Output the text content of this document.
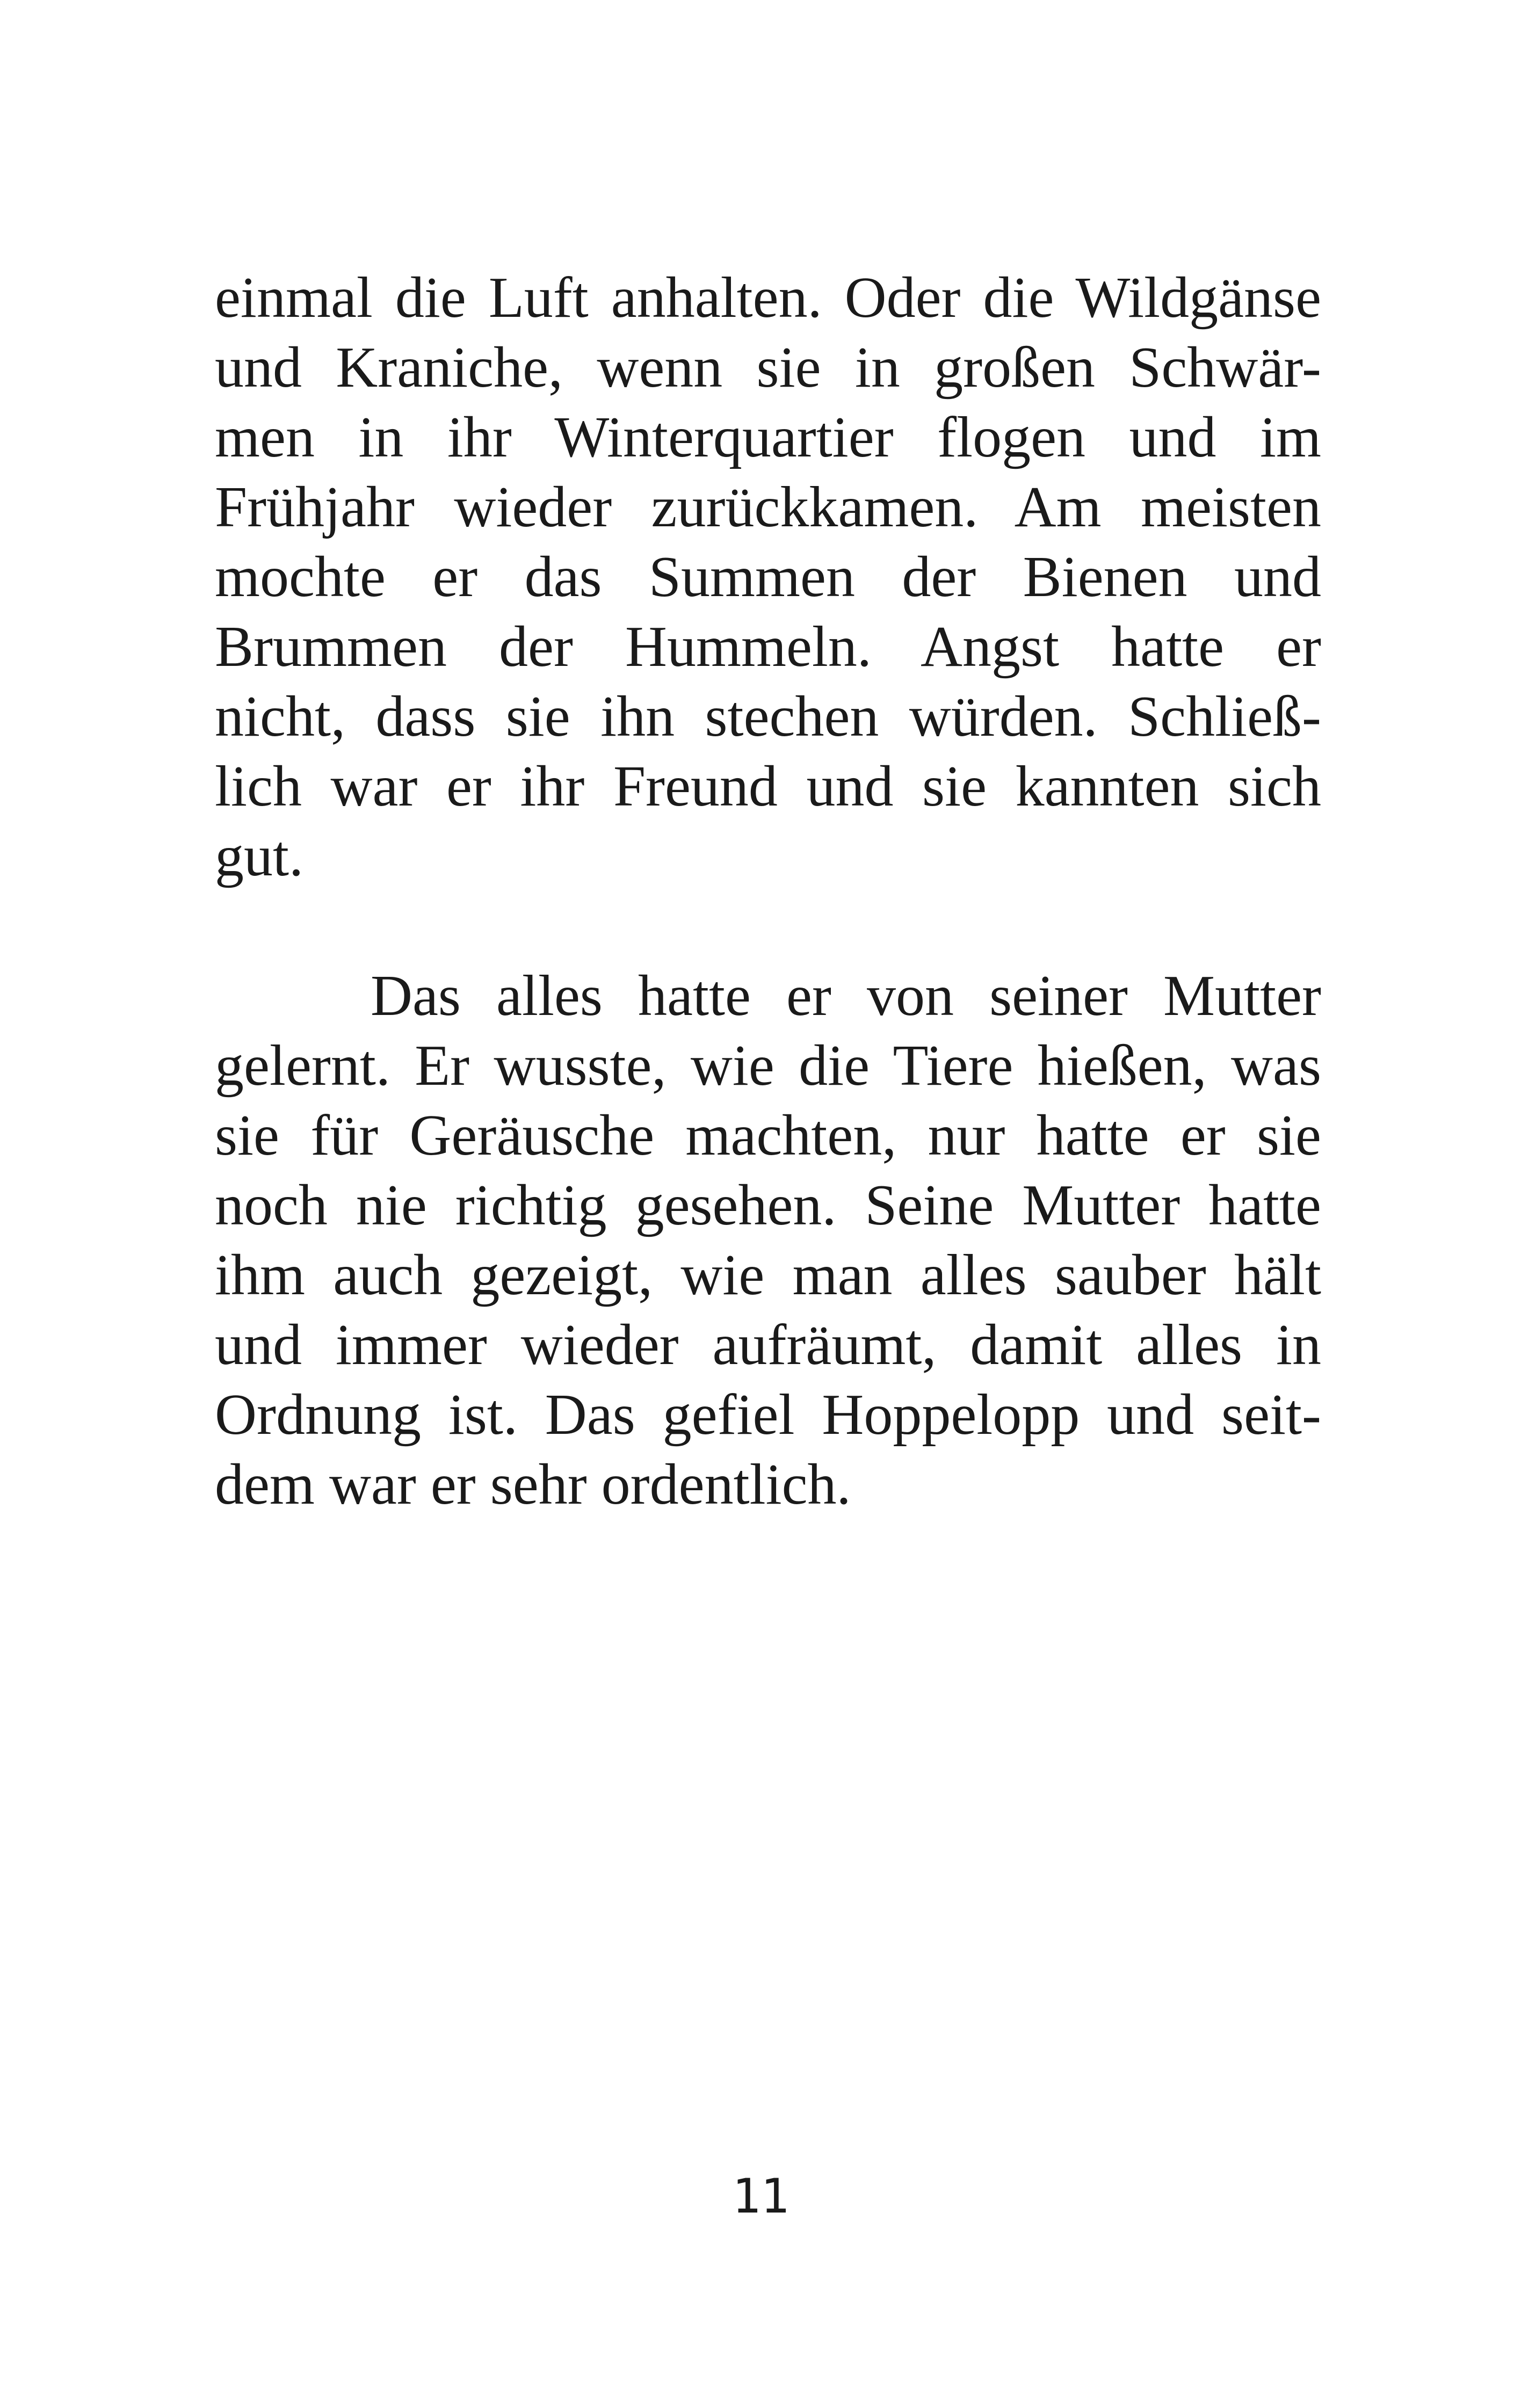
einmal die Luft anhalten. Oder die Wildgänse
und Kraniche, wenn sie in großen Schwär-
men in ihr Winterquartier flogen und im
Frühjahr wieder zurückkamen. Am meisten
mochte er das Summen der Bienen und
Brummen der Hummeln. Angst hatte er
nicht, dass sie ihn stechen würden. Schließ-
lich war er ihr Freund und sie kannten sich
gut.
Das alles hatte er von seiner Mutter
gelernt. Er wusste, wie die Tiere hießen, was
sie für Geräusche machten, nur hatte er sie
noch nie richtig gesehen. Seine Mutter hatte
ihm auch gezeigt, wie man alles sauber hält
und immer wieder aufräumt, damit alles in
Ordnung ist. Das gefiel Hoppelopp und seit-
dem war er sehr ordentlich.
11
